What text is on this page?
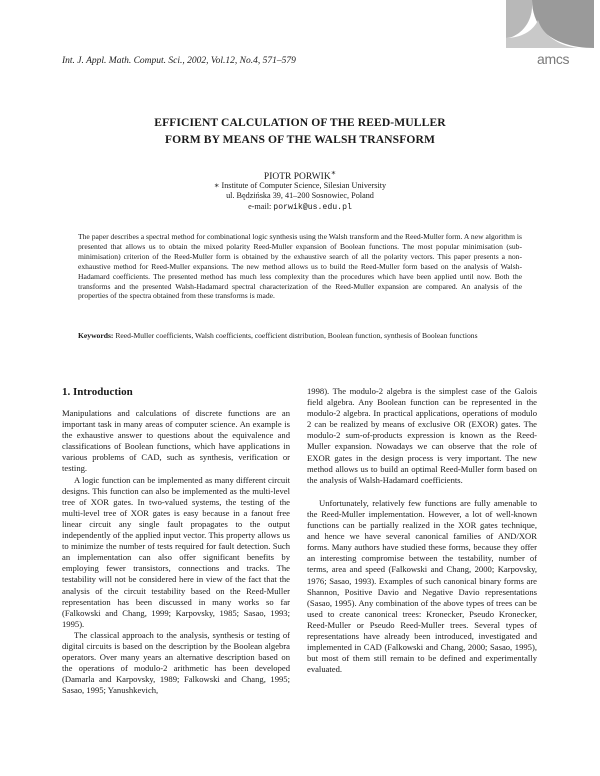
Int. J. Appl. Math. Comput. Sci., 2002, Vol.12, No.4, 571–579	amcs
EFFICIENT CALCULATION OF THE REED-MULLER
FORM BY MEANS OF THE WALSH TRANSFORM
PIOTR PORWIK∗
∗ Institute of Computer Science, Silesian University
ul. Będzińska 39, 41–200 Sosnowiec, Poland
e-mail: porwik@us.edu.pl
The paper describes a spectral method for combinational logic synthesis using the Walsh transform and the Reed-Muller form. A new algorithm is presented that allows us to obtain the mixed polarity Reed-Muller expansion of Boolean functions. The most popular minimisation (sub-minimisation) criterion of the Reed-Muller form is obtained by the exhaustive search of all the polarity vectors. This paper presents a non-exhaustive method for Reed-Muller expansions. The new method allows us to build the Reed-Muller form based on the analysis of Walsh-Hadamard coefficients. The presented method has much less complexity than the procedures which have been applied until now. Both the transforms and the presented Walsh-Hadamard spectral characterization of the Reed-Muller expansion are compared. An analysis of the properties of the spectra obtained from these transforms is made.
Keywords: Reed-Muller coefficients, Walsh coefficients, coefficient distribution, Boolean function, synthesis of Boolean functions
1. Introduction

Manipulations and calculations of discrete functions are an important task in many areas of computer science. An example is the exhaustive answer to questions about the equivalence and classifications of Boolean functions, which have applications in various problems of CAD, such as synthesis, verification or testing.

A logic function can be implemented as many different circuit designs. This function can also be implemented as the multi-level tree of XOR gates. In two-valued systems, the testing of the multi-level tree of XOR gates is easy because in a fanout free linear circuit any single fault propagates to the output independently of the applied input vector. This property allows us to minimize the number of tests required for fault detection. Such an implementation can also offer significant benefits by employing fewer transistors, connections and tracks. The testability will not be considered here in view of the fact that the analysis of the circuit testability based on the Reed-Muller representation has been discussed in many works so far (Falkowski and Chang, 1999; Karpovsky, 1985; Sasao, 1993; 1995).

The classical approach to the analysis, synthesis or testing of digital circuits is based on the description by the Boolean algebra operators. Over many years an alternative description based on the operations of modulo-2 arithmetic has been developed (Damarla and Karpovsky, 1989; Falkowski and Chang, 1995; Sasao, 1995; Yanushkevich,

1998). The modulo-2 algebra is the simplest case of the Galois field algebra. Any Boolean function can be represented in the modulo-2 algebra. In practical applications, operations of modulo 2 can be realized by means of exclusive OR (EXOR) gates. The modulo-2 sum-of-products expression is known as the Reed-Muller expansion. Nowadays we can observe that the role of EXOR gates in the design process is very important. The new method allows us to build an optimal Reed-Muller form based on the analysis of Walsh-Hadamard coefficients.

Unfortunately, relatively few functions are fully amenable to the Reed-Muller implementation. However, a lot of well-known functions can be partially realized in the XOR gates technique, and hence we have several canonical families of AND/XOR forms. Many authors have studied these forms, because they offer an interesting compromise between the testability, number of terms, area and speed (Falkowski and Chang, 2000; Karpovsky, 1976; Sasao, 1993). Examples of such canonical binary forms are Shannon, Positive Davio and Negative Davio representations (Sasao, 1995). Any combination of the above types of trees can be used to create canonical trees: Kronecker, Pseudo Kronecker, Reed-Muller or Pseudo Reed-Muller trees. Several types of representations have already been introduced, investigated and implemented in CAD (Falkowski and Chang, 2000; Sasao, 1995), but most of them still remain to be defined and experimentally evaluated.
